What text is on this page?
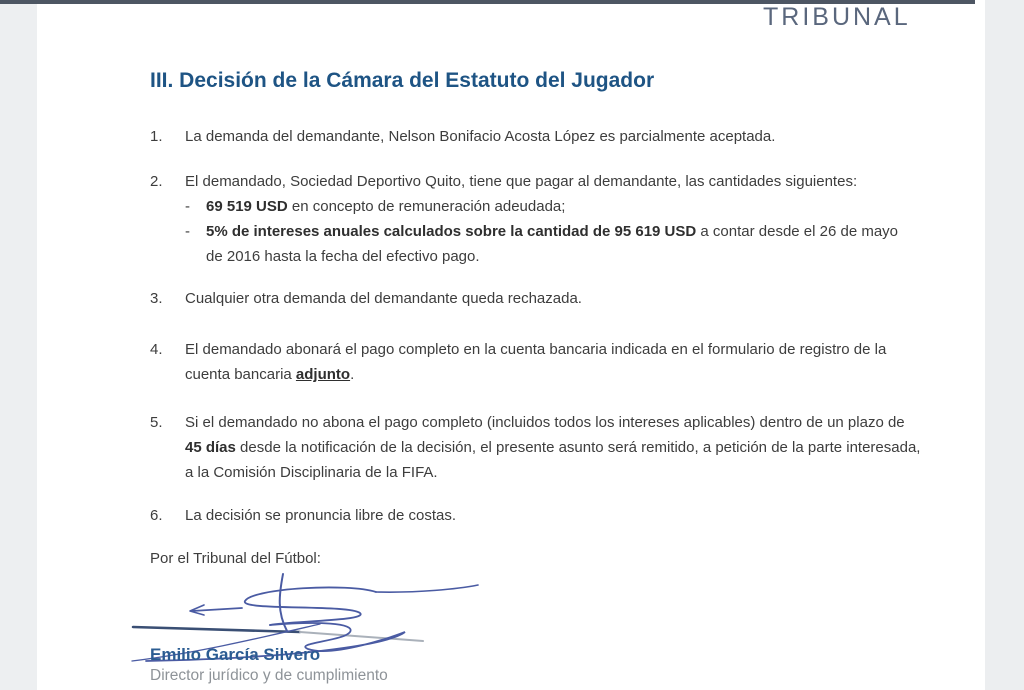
TRIBUNAL
III. Decisión de la Cámara del Estatuto del Jugador
1.	La demanda del demandante, Nelson Bonifacio Acosta López es parcialmente aceptada.
2.	El demandado, Sociedad Deportivo Quito, tiene que pagar al demandante, las cantidades siguientes:
-	69 519 USD en concepto de remuneración adeudada;
-	5% de intereses anuales calculados sobre la cantidad de 95 619 USD a contar desde el 26 de mayo de 2016 hasta la fecha del efectivo pago.
3.	Cualquier otra demanda del demandante queda rechazada.
4.	El demandado abonará el pago completo en la cuenta bancaria indicada en el formulario de registro de la cuenta bancaria adjunto.
5.	Si el demandado no abona el pago completo (incluidos todos los intereses aplicables) dentro de un plazo de 45 días desde la notificación de la decisión, el presente asunto será remitido, a petición de la parte interesada, a la Comisión Disciplinaria de la FIFA.
6.	La decisión se pronuncia libre de costas.
Por el Tribunal del Fútbol:
Emilio García Silvero
Director jurídico y de cumplimiento
